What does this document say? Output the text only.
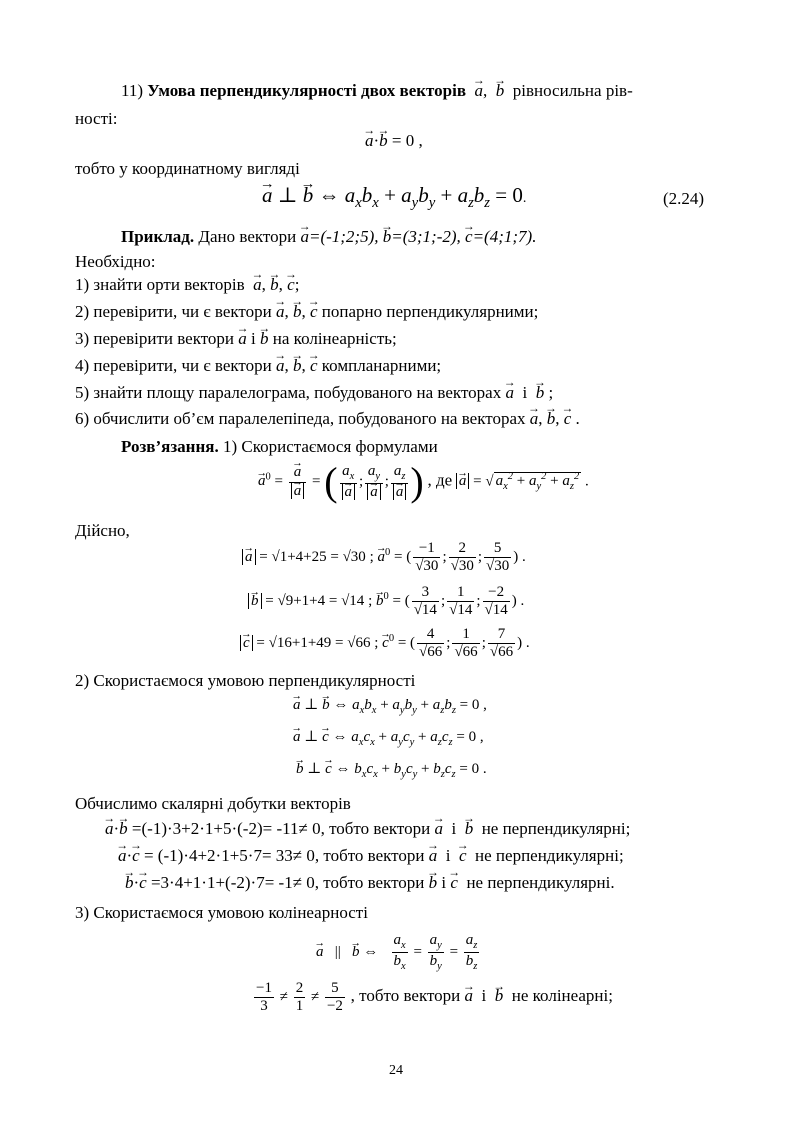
11) Умова перпендикулярності двох векторів → a,  → b рівносильна рів-
ності:
→ a·→ b = 0 ,
тобто у координатному вигляді
→ a ⊥ → b ⇔ $a_xb_x + a_yb_y + a_zb_z = 0$.	(2.24)
Приклад. Дано вектори → a=(-1;2;5), → b=(3;1;-2), → c=(4;1;7).
Необхідно:
1) знайти орти векторів → a, → b, → c;
2) перевірити, чи є вектори → a, → b, → c попарно перпендикулярними;
3) перевірити вектори → a і → b на колінеарність;
4) перевірити, чи є вектори → a, → b, → c компланарними;
5) знайти площу паралелограма, побудованого на векторах → a і → b ;
6) обчислити об’єм паралелепіпеда, побудованого на векторах → a, → b, → c .
Розв’язання. 1) Скористаємося формулами
→ $a^0$ = → a
→ a = ( $a_x$
→ a ; $a_y$
→ a ; $a_z$
→ a ) , де → a = √ $a_x^2 + a_y^2 + a_z^2$ .
Дійсно,
→ a = √1+4+25 = √30 ; → $a^0$ = ( $\frac{-1}{√30}$ ; $\frac{2}{√30}$ ; $\frac{5}{√30}$ ) .
→ b = √9+1+4 = √14 ; → $b^0$ = ( $\frac{3}{√14}$ ; $\frac{1}{√14}$ ; $\frac{-2}{√14}$ ) .
→ c = √16+1+49 = √66 ; → $c^0$ = ( $\frac{4}{√66}$ ; $\frac{1}{√66}$ ; $\frac{7}{√66}$ ) .
2) Скористаємося умовою перпендикулярності
→ a ⊥ → b ⇔ $a_xb_x + a_yb_y + a_zb_z = 0$ ,
→ a ⊥ → c ⇔ $a_xc_x + a_yc_y + a_zc_z = 0$ ,
→ b ⊥ → c ⇔ $b_xc_x + b_yc_y + b_zc_z = 0$ .
Обчислимо скалярні добутки векторів
→ a·→ b =(-1)·3+2·1+5·(-2)= -11≠ 0, тобто вектори → a і → b не перпендикулярні;
→ a·→ c = (-1)·4+2·1+5·7= 33≠ 0, тобто вектори → a і → c не перпендикулярні;
→ b·→ c =3·4+1·1+(-2)·7= -1≠ 0, тобто вектори → b і → c не перпендикулярні.
3) Скористаємося умовою колінеарності
→ a   ||   → b ⇔ $\frac{a_x}{b_x} = \frac{a_y}{b_y} = \frac{a_z}{b_z}$
$\frac{-1}{3} \ne \frac{2}{1} \ne \frac{5}{-2}$ , тобто вектори → a і → b не колінеарні;
24
